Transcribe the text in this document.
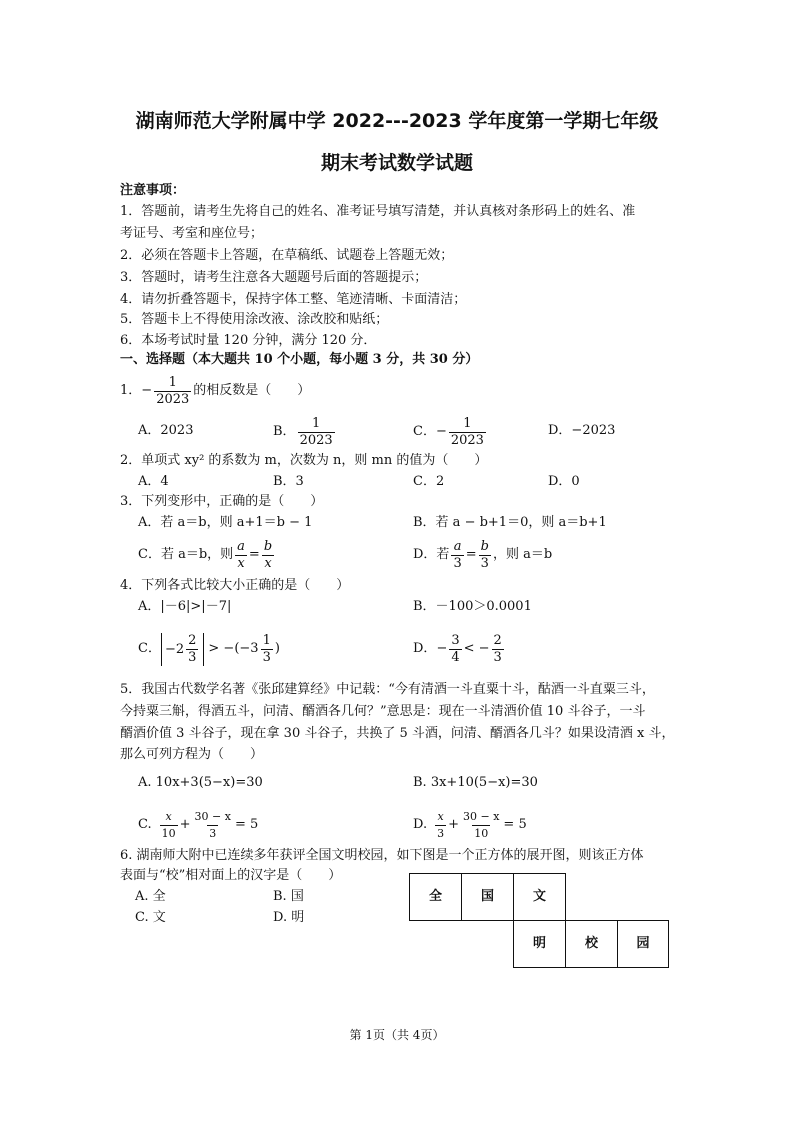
湖南师范大学附属中学 2022---2023 学年度第一学期七年级
期末考试数学试题
注意事项：
1．答题前，请考生先将自己的姓名、准考证号填写清楚，并认真核对条形码上的姓名、准
考证号、考室和座位号；
2．必须在答题卡上答题，在草稿纸、试题卷上答题无效；
3．答题时，请考生注意各大题题号后面的答题提示；
4．请勿折叠答题卡，保持字体工整、笔迹清晰、卡面清洁；
5．答题卡上不得使用涂改液、涂改胶和贴纸；
6．本场考试时量 120 分钟，满分 120 分．
一、选择题（本大题共 10 个小题，每小题 3 分，共 30 分）
1． − $\frac{1}{2023}$ 的相反数是（　　）
A．2023	B． $\frac{1}{2023}$	C． − $\frac{1}{2023}$	D．−2023
2．单项式 xy² 的系数为 m，次数为 n，则 mn 的值为（　　）
A．4	B．3	C．2	D．0
3．下列变形中，正确的是（　　）
A．若 a＝b，则 a+1＝b − 1	B．若 a − b+1＝0，则 a＝b+1
C．若 a＝b，则 $\frac{a}{x} = \frac{b}{x}$	D．若 $\frac{a}{3} = \frac{b}{3}$ ，则 a＝b
4．下列各式比较大小正确的是（　　）
A．|－6|>|－7|	B．－100＞0.0001
C． $-2 \frac{2}{3} > -(-3 \frac{1}{3}$ )	D． − $\frac{3}{4}$ < − $\frac{2}{3}$
5．我国古代数学名著《张邱建算经》中记载：“今有清酒一斗直粟十斗，酤酒一斗直粟三斗，
今持粟三斛，得酒五斗，问清、醑酒各几何？”意思是：现在一斗清酒价值 10 斗谷子，一斗
醑酒价值 3 斗谷子，现在拿 30 斗谷子，共换了 5 斗酒，问清、醑酒各几斗？如果设清酒 x 斗，
那么可列方程为（　　）
A. 10x+3(5−x)=30	B. 3x+10(5−x)=30
C. $\frac{x}{10} + \frac{30 - x}{3} = 5$	D. $\frac{x}{3} + \frac{30 - x}{10} = 5$
6. 湖南师大附中已连续多年获评全国文明校园，如下图是一个正方体的展开图，则该正方体
表面与“校”相对面上的汉字是（　　）
A. 全	B. 国
C. 文	D. 明
全	国	文
明	校	园
第 1页（共 4页）
